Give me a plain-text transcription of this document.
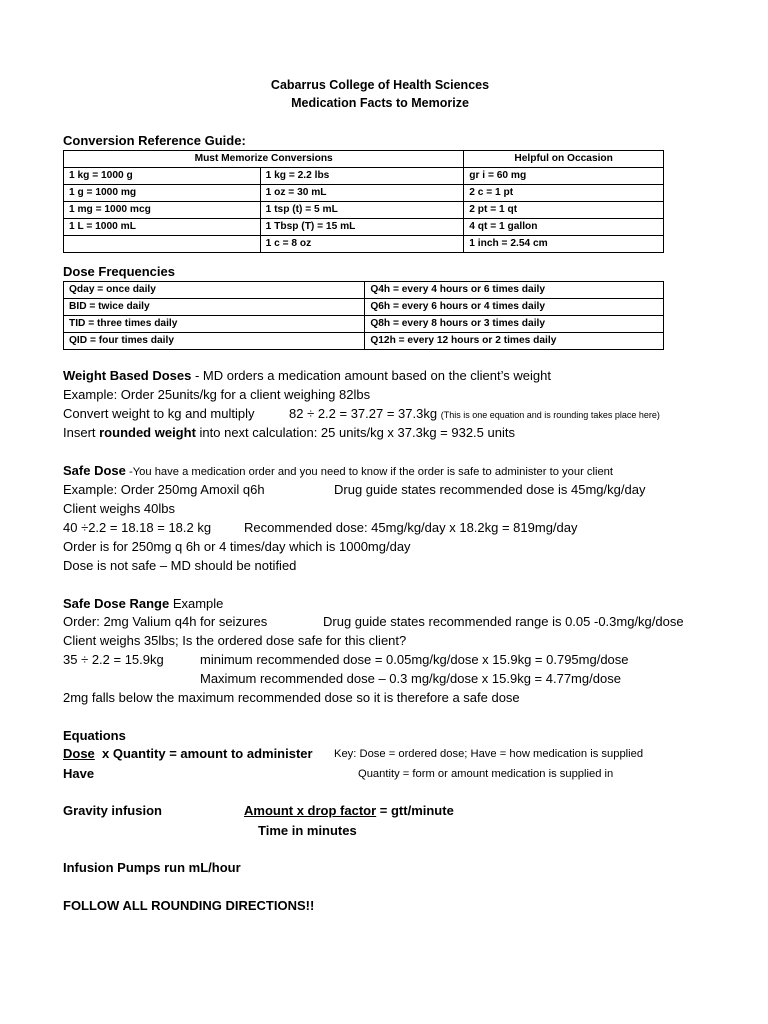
Cabarrus College of Health Sciences
Medication Facts to Memorize
Conversion Reference Guide:
Must Memorize Conversions		Helpful on Occasion
1 kg = 1000 g	1 kg = 2.2 lbs	gr i = 60 mg
1 g = 1000 mg	1 oz = 30 mL	2 c = 1 pt
1 mg = 1000 mcg	1 tsp (t) = 5 mL	2 pt = 1 qt
1 L = 1000 mL	1 Tbsp (T) = 15 mL	4 qt = 1 gallon
	1 c = 8 oz	1 inch = 2.54 cm
Dose Frequencies
Qday = once daily	Q4h = every 4 hours or 6 times daily
BID = twice daily	Q6h = every 6 hours or 4 times daily
TID = three times daily	Q8h = every 8 hours or 3 times daily
QID = four times daily	Q12h = every 12 hours or 2 times daily
Weight Based Doses - MD orders a medication amount based on the client’s weight
Example: Order 25units/kg for a client weighing 82lbs
Convert weight to kg and multiply	82 ÷ 2.2 = 37.27 = 37.3kg (This is one equation and is rounding takes place here)
Insert rounded weight into next calculation: 25 units/kg x 37.3kg = 932.5 units
Safe Dose -You have a medication order and you need to know if the order is safe to administer to your client
Example: Order 250mg Amoxil q6h	Drug guide states recommended dose is 45mg/kg/day
Client weighs 40lbs
40 ÷2.2 = 18.18 = 18.2 kg	Recommended dose: 45mg/kg/day x 18.2kg = 819mg/day
Order is for 250mg q 6h or 4 times/day which is 1000mg/day
Dose is not safe – MD should be notified
Safe Dose Range Example
Order: 2mg Valium q4h for seizures	Drug guide states recommended range is 0.05 -0.3mg/kg/dose
Client weighs 35lbs; Is the ordered dose safe for this client?
35 ÷ 2.2 = 15.9kg	minimum recommended dose = 0.05mg/kg/dose x 15.9kg = 0.795mg/dose
Maximum recommended dose – 0.3 mg/kg/dose x 15.9kg = 4.77mg/dose
2mg falls below the maximum recommended dose so it is therefore a safe dose
Equations
Dose  x Quantity = amount to administer Key: Dose = ordered dose; Have = how medication is supplied
Have	Quantity = form or amount medication is supplied in
Gravity infusion	Amount x drop factor = gtt/minute
Time in minutes
Infusion Pumps run mL/hour
FOLLOW ALL ROUNDING DIRECTIONS!!
